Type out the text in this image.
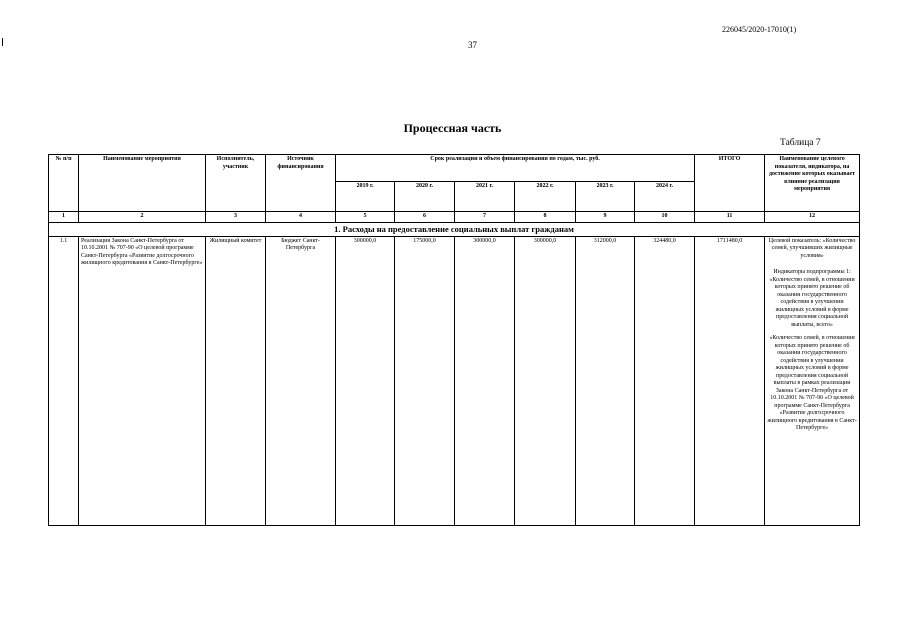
226045/2020-17010(1)
37
Процессная часть
Таблица 7
№ п/п	Наименование мероприятия	Исполнитель, участник	Источник финансирования	Срок реализации и объем финансирования по годам, тыс. руб.						ИТОГО	Наименование целевого показателя, индикатора, на достижение которых оказывает влияние реализация мероприятия
				2019 г.	2020 г.	2021 г.	2022 г.	2023 г.	2024 г.		
1	2	3	4	5	6	7	8	9	10	11	12
1. Расходы на предоставление социальных выплат гражданам											
1.1	Реализация Закона Санкт-Петербурга от 10.10.2001 № 707-90 «О целевой программе Санкт-Петербурга «Развитие долгосрочного жилищного кредитования в Санкт-Петербурге»	Жилищный комитет	Бюджет Санкт-Петербурга	300000,0	175000,0	300000,0	300000,0	312000,0	324480,0	1711480,0	Целевой показатель: «Количество семей, улучшивших жилищные условия»
Индикаторы подпрограммы 1: «Количество семей, в отношении которых принято решение об оказании государственного содействия в улучшении жилищных условий в форме предоставления социальной выплаты, всего»
«Количество семей, в отношении которых принято решение об оказании государственного содействия в улучшении жилищных условий в форме предоставления социальной выплаты в рамках реализации Закона Санкт-Петербурга от 10.10.2001 № 707-90 «О целевой программе Санкт-Петербурга «Развитие долгосрочного жилищного кредитования в Санкт-Петербурге»
